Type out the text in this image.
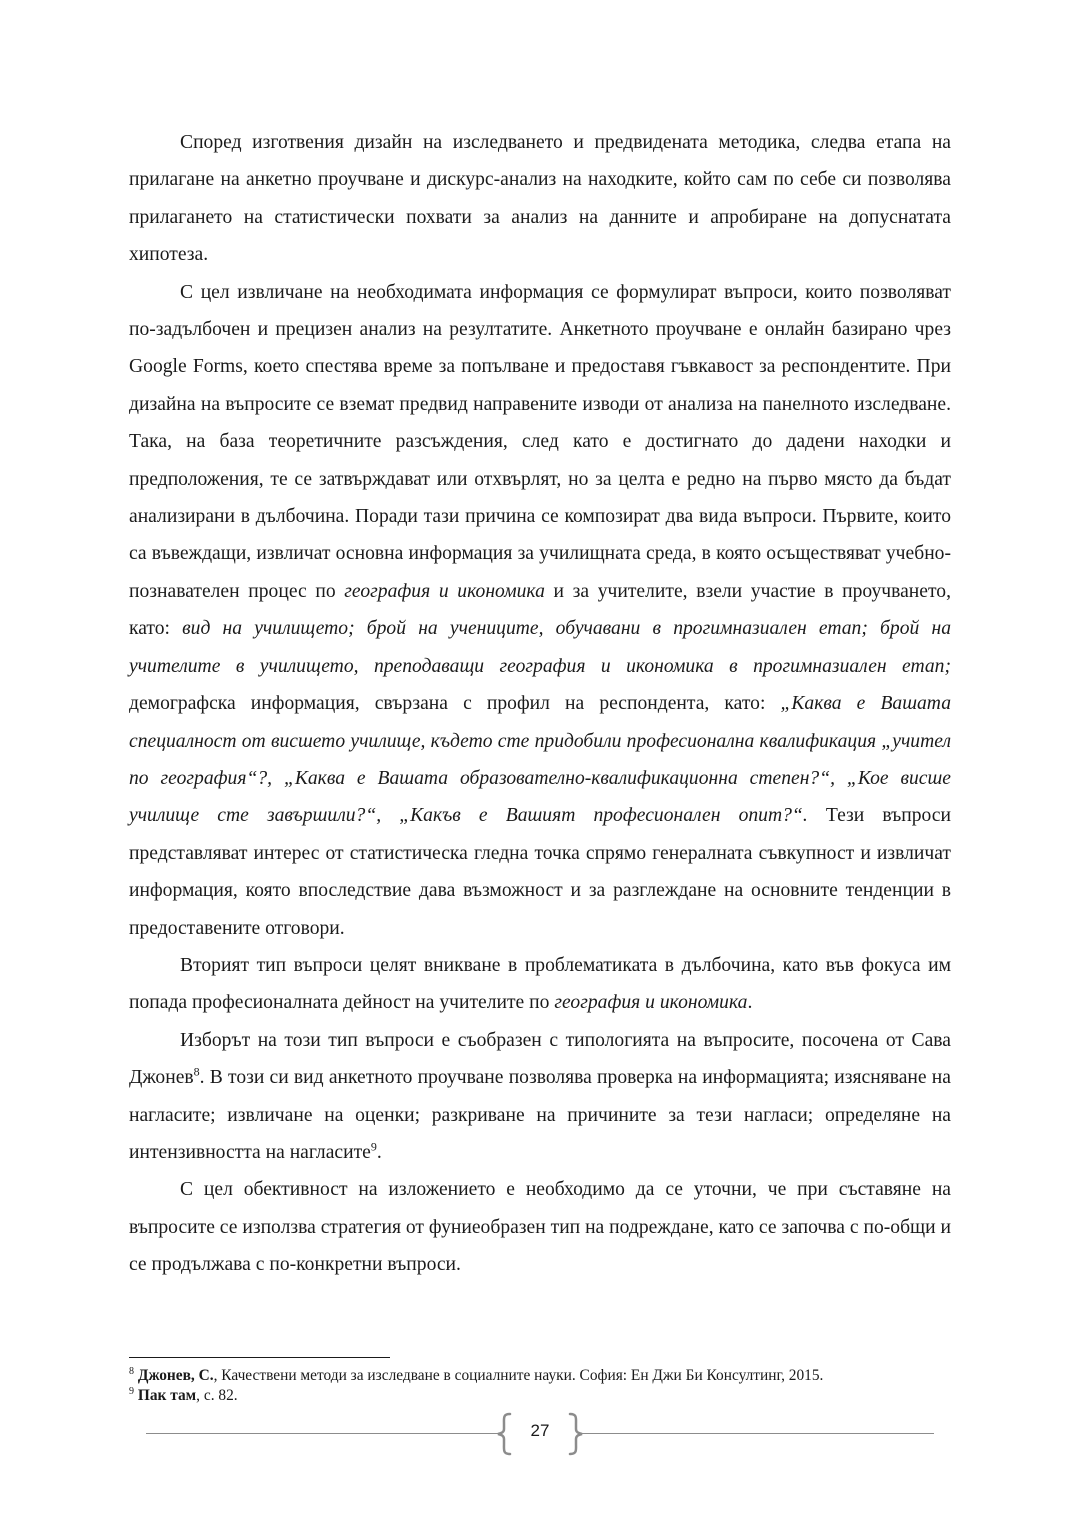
Според изготвения дизайн на изследването и предвидената методика, следва етапа на прилагане на анкетно проучване и дискурс-анализ на находките, който сам по себе си позволява прилагането на статистически похвати за анализ на данните и апробиране на допуснатата хипотеза.

С цел извличане на необходимата информация се формулират въпроси, които позволяват по-задълбочен и прецизен анализ на резултатите. Анкетното проучване е онлайн базирано чрез Google Forms, което спестява време за попълване и предоставя гъвкавост за респондентите. При дизайна на въпросите се вземат предвид направените изводи от анализа на панелното изследване. Така, на база теоретичните разсъждения, след като е достигнато до дадени находки и предположения, те се затвърждават или отхвърлят, но за целта е редно на първо място да бъдат анализирани в дълбочина. Поради тази причина се композират два вида въпроси. Първите, които са въвеждащи, извличат основна информация за училищната среда, в която осъществяват учебно-познавателен процес по география и икономика и за учителите, взели участие в проучването, като: вид на училището; брой на учениците, обучавани в прогимназиален етап; брой на учителите в училището, преподаващи география и икономика в прогимназиален етап; демографска информация, свързана с профил на респондента, като: „Каква е Вашата специалност от висшето училище, където сте придобили професионална квалификация „учител по география“?, „Каква е Вашата образователно-квалификационна степен?“, „Кое висше училище сте завършили?“, „Какъв е Вашият професионален опит?“. Тези въпроси представляват интерес от статистическа гледна точка спрямо генералната съвкупност и извличат информация, която впоследствие дава възможност и за разглеждане на основните тенденции в предоставените отговори.

Вторият тип въпроси целят вникване в проблематиката в дълбочина, като във фокуса им попада професионалната дейност на учителите по география и икономика.

Изборът на този тип въпроси е съобразен с типологията на въпросите, посочена от Сава Джонев$^8$. В този си вид анкетното проучване позволява проверка на информацията; изясняване на нагласите; извличане на оценки; разкриване на причините за тези нагласи; определяне на интензивността на нагласите$^9$.

С цел обективност на изложението е необходимо да се уточни, че при съставяне на въпросите се използва стратегия от фуниеобразен тип на подреждане, като се започва с по-общи и се продължава с по-конкретни въпроси.

$^8$ Джонев, С., Качествени методи за изследване в социалните науки. София: Ен Джи Би Консултинг, 2015.
$^9$ Пак там, с. 82.
27
